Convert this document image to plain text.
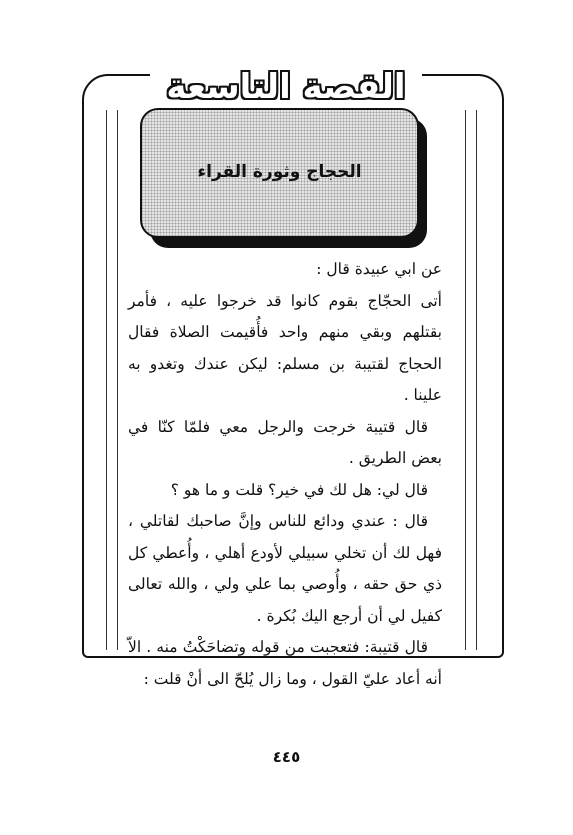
القصة التاسعة
الحجاج وثورة القراء

عن ابي عبيدة قال :

أتى الحجّاج بقوم كانوا قد خرجوا عليه ، فأمر بقتلهم وبقي منهم واحد فأُقيمت الصلاة فقال الحجاج لقتيبة بن مسلم: ليكن عندك وتغدو به علينا .

قال قتيبة خرجت والرجل معي فلمّا كنّا في بعض الطريق .

قال لي: هل لك في خير؟ قلت و ما هو ؟

قال : عندي ودائع للناس وإنَّ صاحبك لقاتلي ، فهل لك أن تخلي سبيلي لأودع أهلي ، وأُعطي كل ذي حق حقه ، وأُوصي بما علي ولي ، والله تعالى كفيل لي أن أرجع اليك بُكرة .

قال قتيبة: فتعجبت من قوله وتضاحَكْتُ منه . الاّ أنه أعاد عليّ القول ، وما زال يُلحّ الى أنْ قلت :

٤٤٥
